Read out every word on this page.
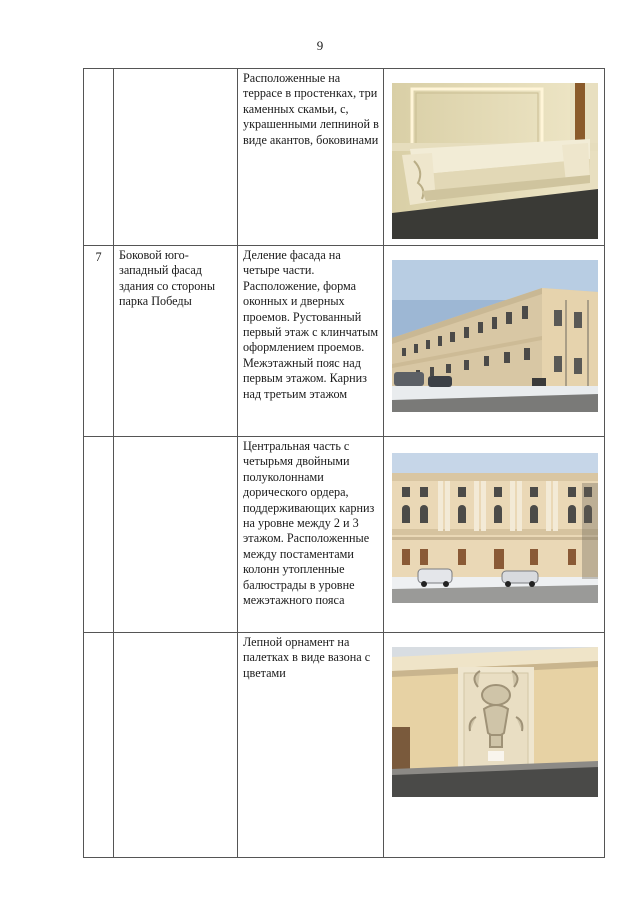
9
		Расположенные на террасе в простенках, три каменных скамьи, с, украшенными лепниной в виде акантов, боковинами	

7	Боковой юго-западный фасад здания со стороны парка Победы	Деление фасада на четыре части. Расположение, форма оконных и дверных проемов. Рустованный первый этаж с клинчатым оформлением проемов. Межэтажный пояс над первым этажом. Карниз над третьим этажом	

		Центральная часть с четырьмя двойными полуколоннами дорического ордера, поддерживающих карниз на уровне между 2 и 3 этажом. Расположенные между постаментами колонн утопленные балюстрады в уровне межэтажного пояса	

		Лепной орнамент на палетках в виде вазона с цветами	
